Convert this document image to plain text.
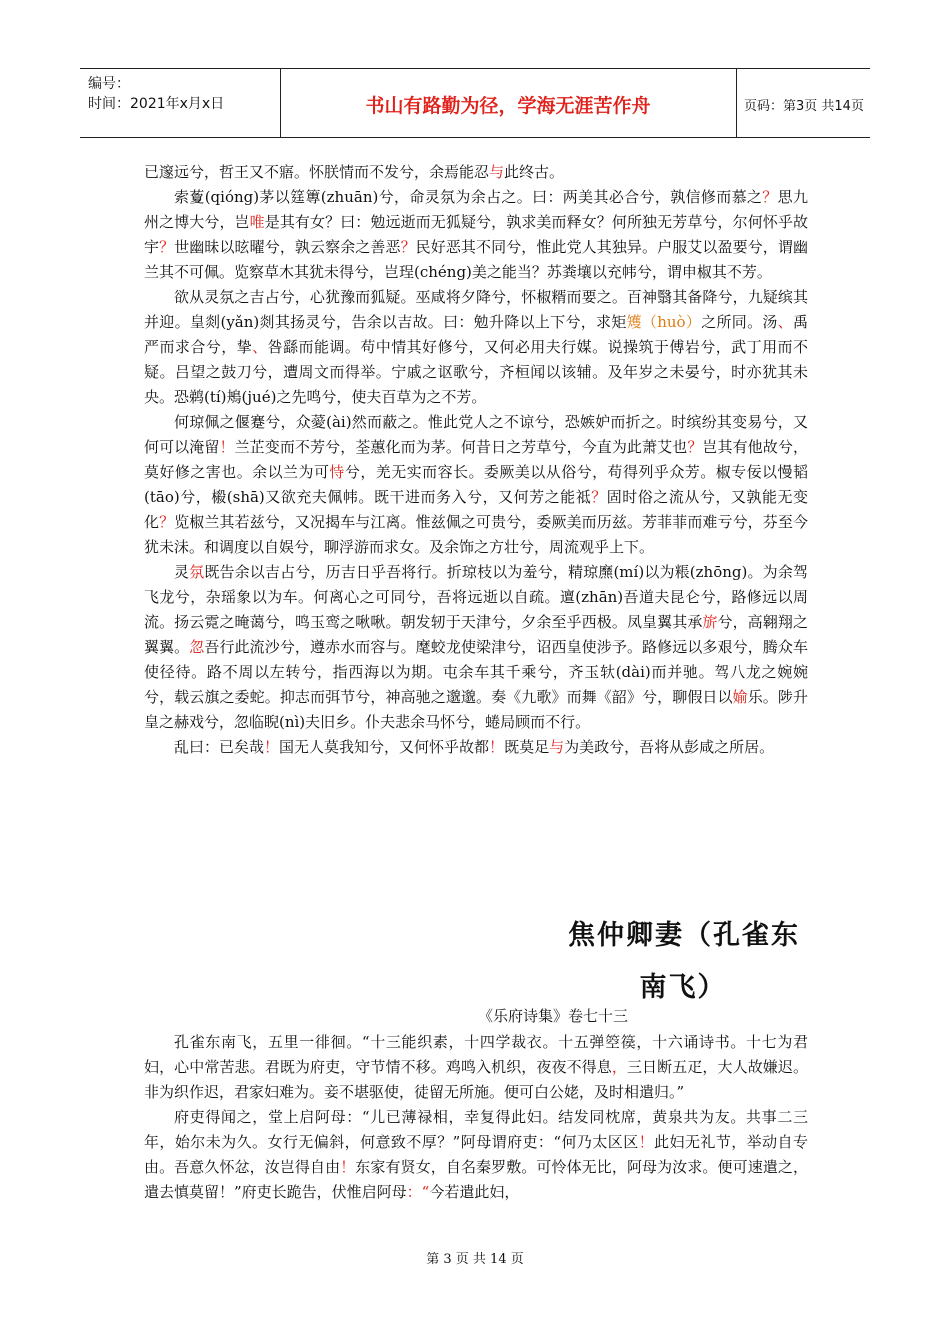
编号：
时间：2021年x月x日	书山有路勤为径，学海无涯苦作舟	页码：第3页 共14页

已邃远兮，哲王又不寤。怀朕情而不发兮，余焉能忍与此终古。

索藑(qióng)茅以筳篿(zhuān)兮，命灵氛为余占之。曰：两美其必合兮，孰信修而慕之？思九州之博大兮，岂唯是其有女？曰：勉远逝而无狐疑兮，孰求美而释女？何所独无芳草兮，尔何怀乎故宇？世幽昧以昡曜兮，孰云察余之善恶？民好恶其不同兮，惟此党人其独异。户服艾以盈要兮，谓幽兰其不可佩。览察草木其犹未得兮，岂珵(chéng)美之能当？苏粪壤以充帏兮，谓申椒其不芳。

欲从灵氛之吉占兮，心犹豫而狐疑。巫咸将夕降兮，怀椒糈而要之。百神翳其备降兮，九疑缤其并迎。皇剡(yǎn)剡其扬灵兮，告余以吉故。曰：勉升降以上下兮，求矩矱（huò）之所同。汤、禹严而求合兮，挚、咎繇而能调。苟中情其好修兮，又何必用夫行媒。说操筑于傅岩兮，武丁用而不疑。吕望之鼓刀兮，遭周文而得举。宁戚之讴歌兮，齐桓闻以该辅。及年岁之未晏兮，时亦犹其未央。恐鹈(tí)鴂(jué)之先鸣兮，使夫百草为之不芳。

何琼佩之偃蹇兮，众薆(ài)然而蔽之。惟此党人之不谅兮，恐嫉妒而折之。时缤纷其变易兮，又何可以淹留！兰芷变而不芳兮，荃蕙化而为茅。何昔日之芳草兮，今直为此萧艾也？岂其有他故兮，莫好修之害也。余以兰为可恃兮，羌无实而容长。委厥美以从俗兮，苟得列乎众芳。椒专佞以慢韬(tāo)兮，榝(shā)又欲充夫佩帏。既干进而务入兮，又何芳之能祗？固时俗之流从兮，又孰能无变化？览椒兰其若兹兮，又况揭车与江离。惟兹佩之可贵兮，委厥美而历兹。芳菲菲而难亏兮，芬至今犹未沬。和调度以自娱兮，聊浮游而求女。及余饰之方壮兮，周流观乎上下。

灵氛既告余以吉占兮，历吉日乎吾将行。折琼枝以为羞兮，精琼爢(mí)以为粻(zhōng)。为余驾飞龙兮，杂瑶象以为车。何离心之可同兮，吾将远逝以自疏。邅(zhān)吾道夫昆仑兮，路修远以周流。扬云霓之晻蔼兮，鸣玉鸾之啾啾。朝发轫于天津兮，夕余至乎西极。凤皇翼其承旂兮，高翱翔之翼翼。忽吾行此流沙兮，遵赤水而容与。麾蛟龙使梁津兮，诏西皇使涉予。路修远以多艰兮，腾众车使径待。路不周以左转兮，指西海以为期。屯余车其千乘兮，齐玉轪(dài)而并驰。驾八龙之婉婉兮，载云旗之委蛇。抑志而弭节兮，神高驰之邈邈。奏《九歌》而舞《韶》兮，聊假日以媮乐。陟升皇之赫戏兮，忽临睨(nì)夫旧乡。仆夫悲余马怀兮，蜷局顾而不行。

乱曰：已矣哉！国无人莫我知兮，又何怀乎故都！既莫足与为美政兮，吾将从彭咸之所居。

焦仲卿妻（孔雀东
南飞）
《乐府诗集》卷七十三

孔雀东南飞，五里一徘徊。“十三能织素，十四学裁衣。十五弹箜篌，十六诵诗书。十七为君妇，心中常苦悲。君既为府吏，守节情不移。鸡鸣入机织，夜夜不得息，三日断五疋，大人故嫌迟。非为织作迟，君家妇难为。妾不堪驱使，徒留无所施。便可白公姥，及时相遣归。”

府吏得闻之，堂上启阿母：“儿已薄禄相，幸复得此妇。结发同枕席，黄泉共为友。共事二三年，始尔未为久。女行无偏斜，何意致不厚？”阿母谓府吏：“何乃太区区！此妇无礼节，举动自专由。吾意久怀忿，汝岂得自由！东家有贤女，自名秦罗敷。可怜体无比，阿母为汝求。便可速遣之，遣去慎莫留！”府吏长跪告，伏惟启阿母：“今若遣此妇，

第 3 页 共 14 页
